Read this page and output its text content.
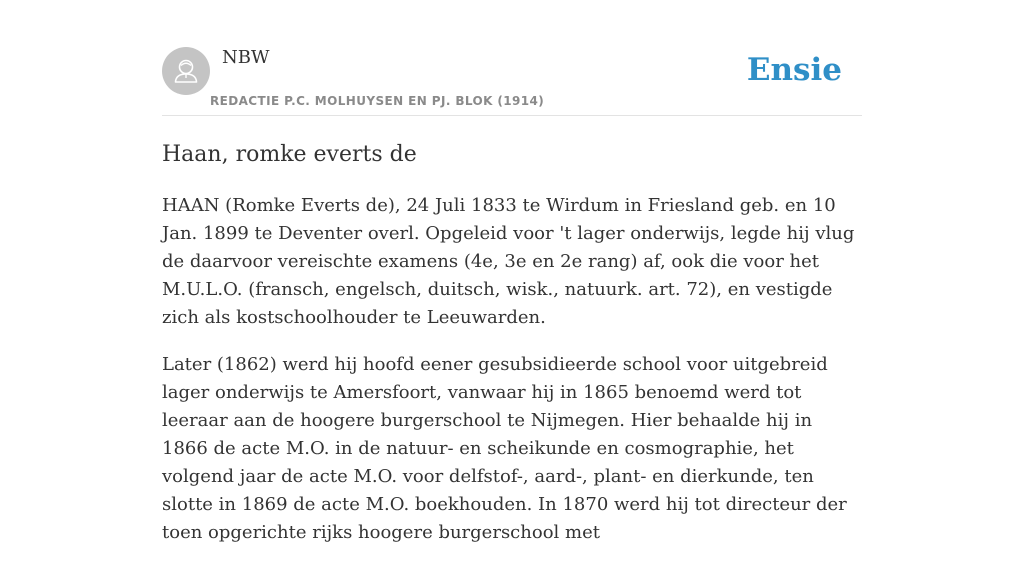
NBW
REDACTIE P.C. MOLHUYSEN EN PJ. BLOK (1914)
Ensie
Haan, romke everts de

HAAN (Romke Everts de), 24 Juli 1833 te Wirdum in Friesland geb. en 10 Jan. 1899 te Deventer overl. Opgeleid voor 't lager onderwijs, legde hij vlug de daarvoor vereischte examens (4e, 3e en 2e rang) af, ook die voor het M.U.L.O. (fransch, engelsch, duitsch, wisk., natuurk. art. 72), en vestigde zich als kostschoolhouder te Leeuwarden.

Later (1862) werd hij hoofd eener gesubsidieerde school voor uitgebreid lager onderwijs te Amersfoort, vanwaar hij in 1865 benoemd werd tot leeraar aan de hoogere burgerschool te Nijmegen. Hier behaalde hij in 1866 de acte M.O. in de natuur- en scheikunde en cosmographie, het volgend jaar de acte M.O. voor delfstof-, aard-, plant- en dierkunde, ten slotte in 1869 de acte M.O. boekhouden. In 1870 werd hij tot directeur der toen opgerichte rijks hoogere burgerschool met
